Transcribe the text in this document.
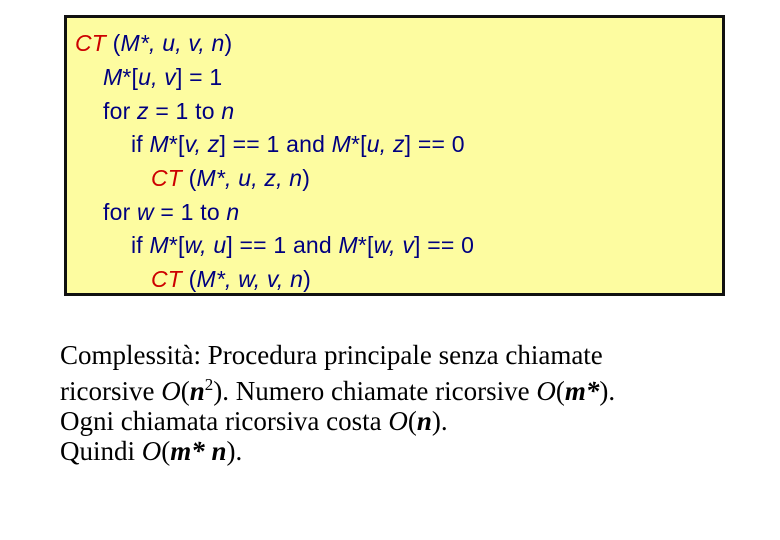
CT (M*, u, v, n)
M*[u, v] = 1
for z = 1 to n
if M*[v, z] == 1 and M*[u, z] == 0
CT (M*, u, z, n)
for w = 1 to n
if M*[w, u] == 1 and M*[w, v] == 0
CT (M*, w, v, n)

Complessità: Procedura principale senza chiamate

ricorsive $O(n^2)$. Numero chiamate ricorsive O(m*).

Ogni chiamata ricorsiva costa O(n).

Quindi O(m* n).
